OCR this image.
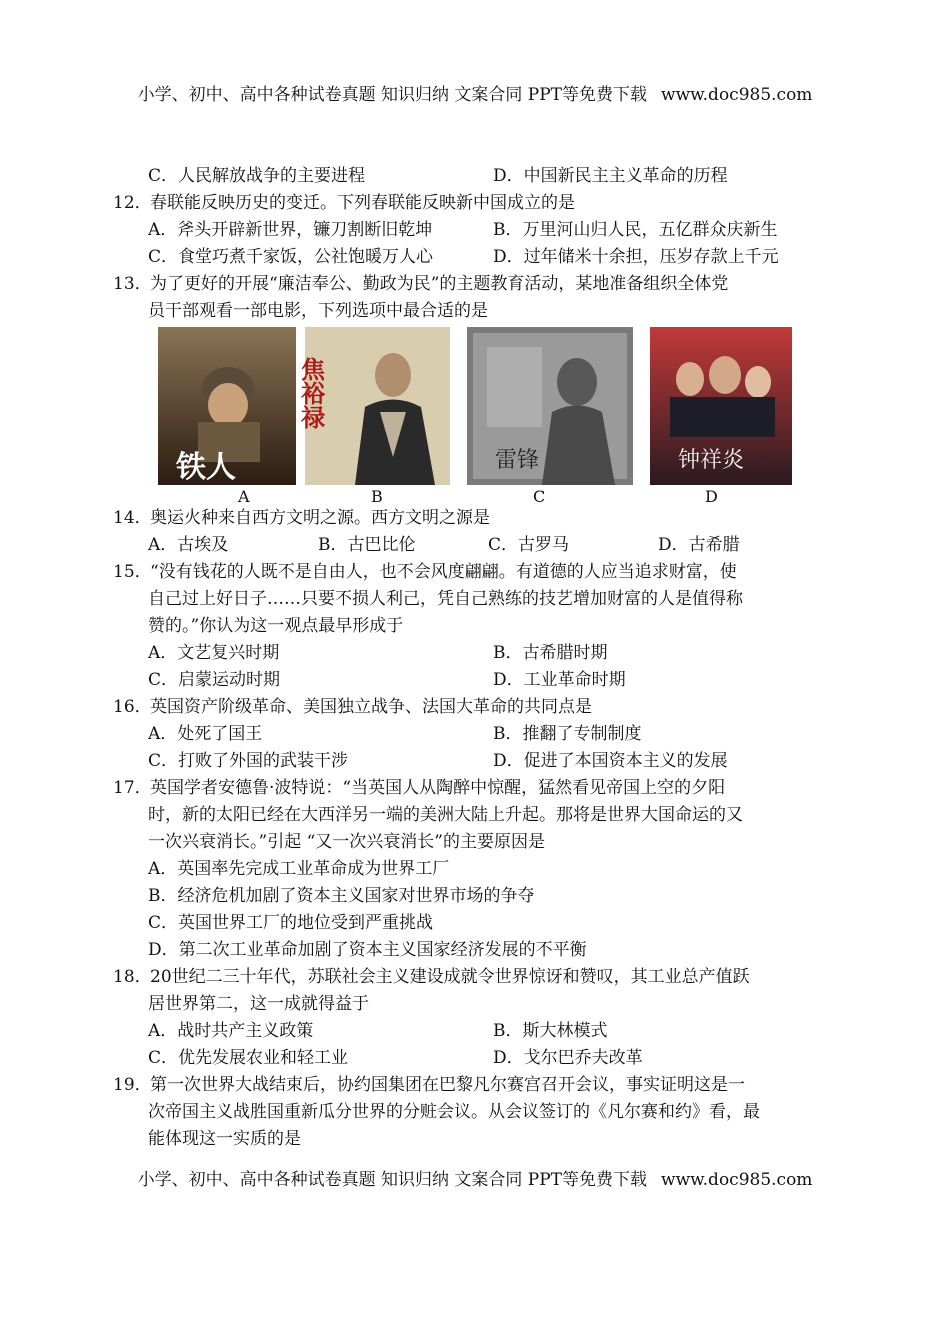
小学、初中、高中各种试卷真题 知识归纳 文案合同 PPT等免费下载 www.doc985.com
C．人民解放战争的主要进程	D．中国新民主主义革命的历程
12．春联能反映历史的变迁。下列春联能反映新中国成立的是
A．斧头开辟新世界，镰刀割断旧乾坤	B．万里河山归人民，五亿群众庆新生
C．食堂巧煮千家饭，公社饱暖万人心	D．过年储米十余担，压岁存款上千元
13．为了更好的开展“廉洁奉公、勤政为民”的主题教育活动，某地准备组织全体党
员干部观看一部电影，下列选项中最合适的是
铁人
焦裕禄
雷锋	钟祥炎
A	B	C	D
14．奥运火种来自西方文明之源。西方文明之源是
A．古埃及	B．古巴比伦	C．古罗马	D．古希腊
15．“没有钱花的人既不是自由人，也不会风度翩翩。有道德的人应当追求财富，使
自己过上好日子……只要不损人利己，凭自己熟练的技艺增加财富的人是值得称
赞的。”你认为这一观点最早形成于
A．文艺复兴时期	B．古希腊时期
C．启蒙运动时期	D．工业革命时期
16．英国资产阶级革命、美国独立战争、法国大革命的共同点是
A．处死了国王	B．推翻了专制制度
C．打败了外国的武装干涉	D．促进了本国资本主义的发展
17．英国学者安德鲁·波特说：“当英国人从陶醉中惊醒，猛然看见帝国上空的夕阳
时，新的太阳已经在大西洋另一端的美洲大陆上升起。那将是世界大国命运的又
一次兴衰消长。”引起 “又一次兴衰消长”的主要原因是
A．英国率先完成工业革命成为世界工厂
B．经济危机加剧了资本主义国家对世界市场的争夺
C．英国世界工厂的地位受到严重挑战
D．第二次工业革命加剧了资本主义国家经济发展的不平衡
18．20世纪二三十年代，苏联社会主义建设成就令世界惊讶和赞叹，其工业总产值跃
居世界第二，这一成就得益于
A．战时共产主义政策	B．斯大林模式
C．优先发展农业和轻工业	D．戈尔巴乔夫改革
19．第一次世界大战结束后，协约国集团在巴黎凡尔赛宫召开会议，事实证明这是一
次帝国主义战胜国重新瓜分世界的分赃会议。从会议签订的《凡尔赛和约》看，最
能体现这一实质的是
小学、初中、高中各种试卷真题 知识归纳 文案合同 PPT等免费下载 www.doc985.com
